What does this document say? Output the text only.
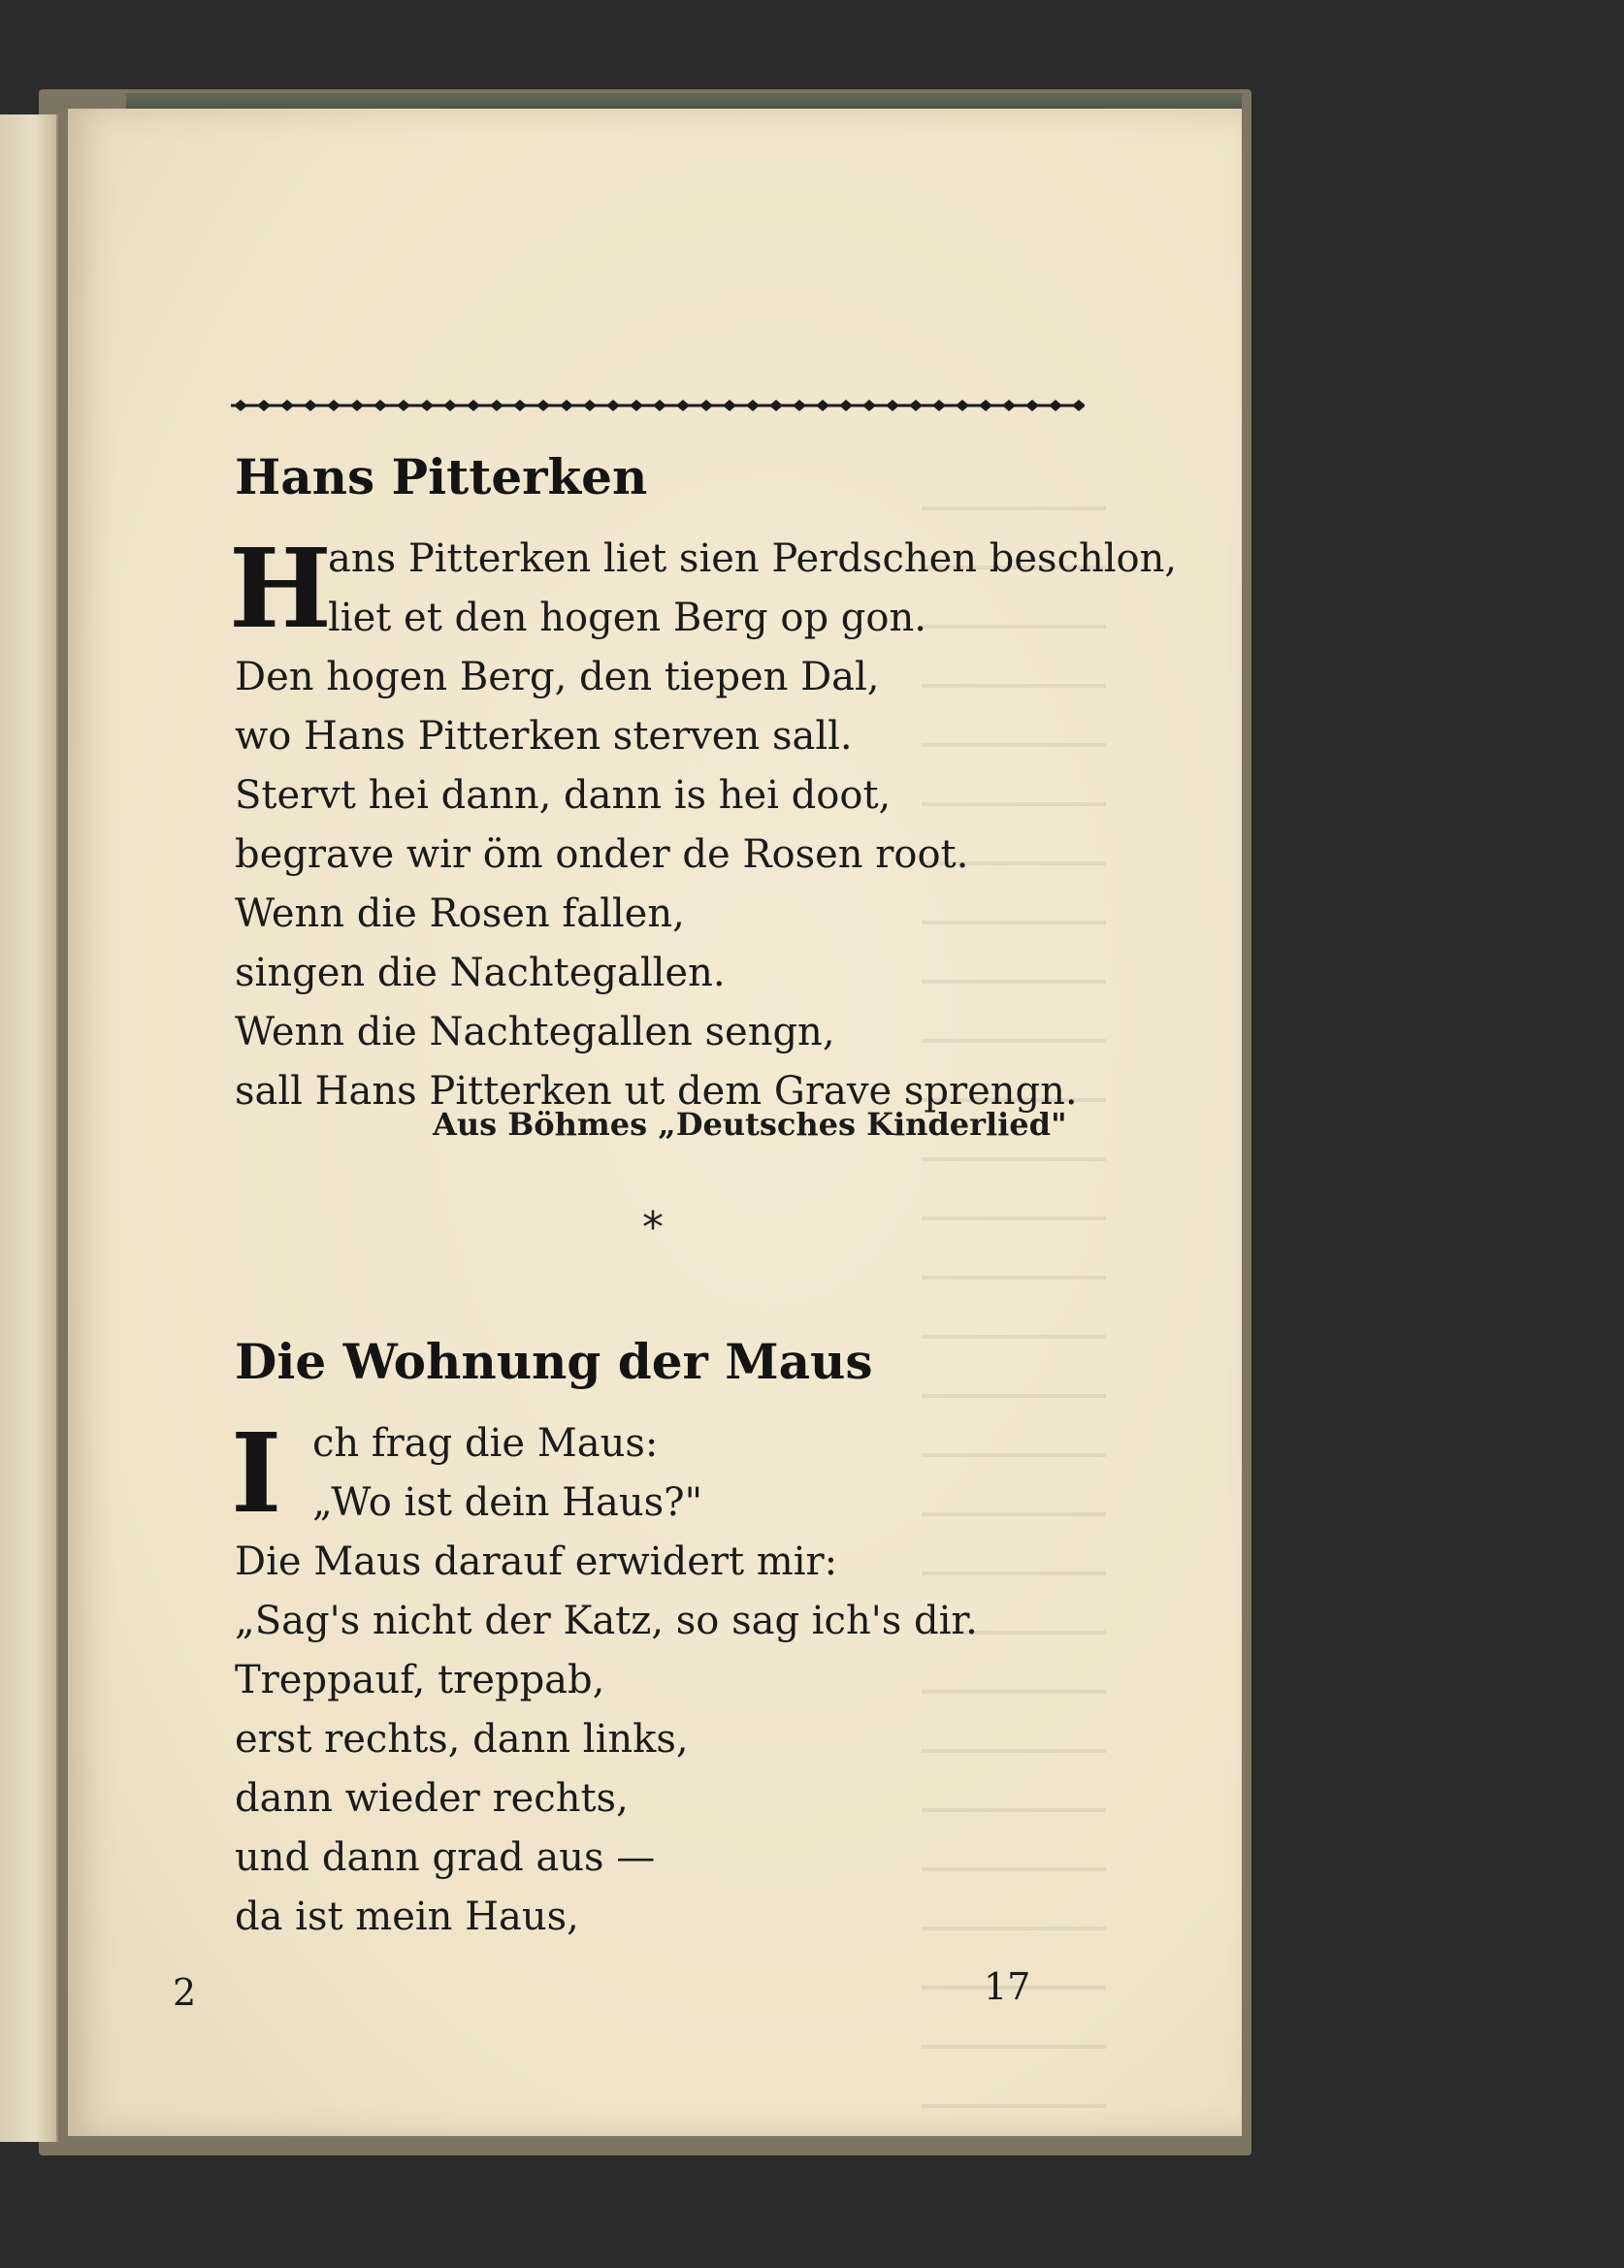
Hans Pitterken
H
ans Pitterken liet sien Perdschen beschlon,
liet et den hogen Berg op gon.
Den hogen Berg, den tiepen Dal,
wo Hans Pitterken sterven sall.
Stervt hei dann, dann is hei doot,
begrave wir öm onder de Rosen root.
Wenn die Rosen fallen,
singen die Nachtegallen.
Wenn die Nachtegallen sengn,
sall Hans Pitterken ut dem Grave sprengn.
Aus Böhmes „Deutsches Kinderlied"
*
Die Wohnung der Maus
I ch frag die Maus:
„Wo ist dein Haus?"
Die Maus darauf erwidert mir:
„Sag's nicht der Katz, so sag ich's dir.
Treppauf, treppab,
erst rechts, dann links,
dann wieder rechts,
und dann grad aus —
da ist mein Haus,
2	17
